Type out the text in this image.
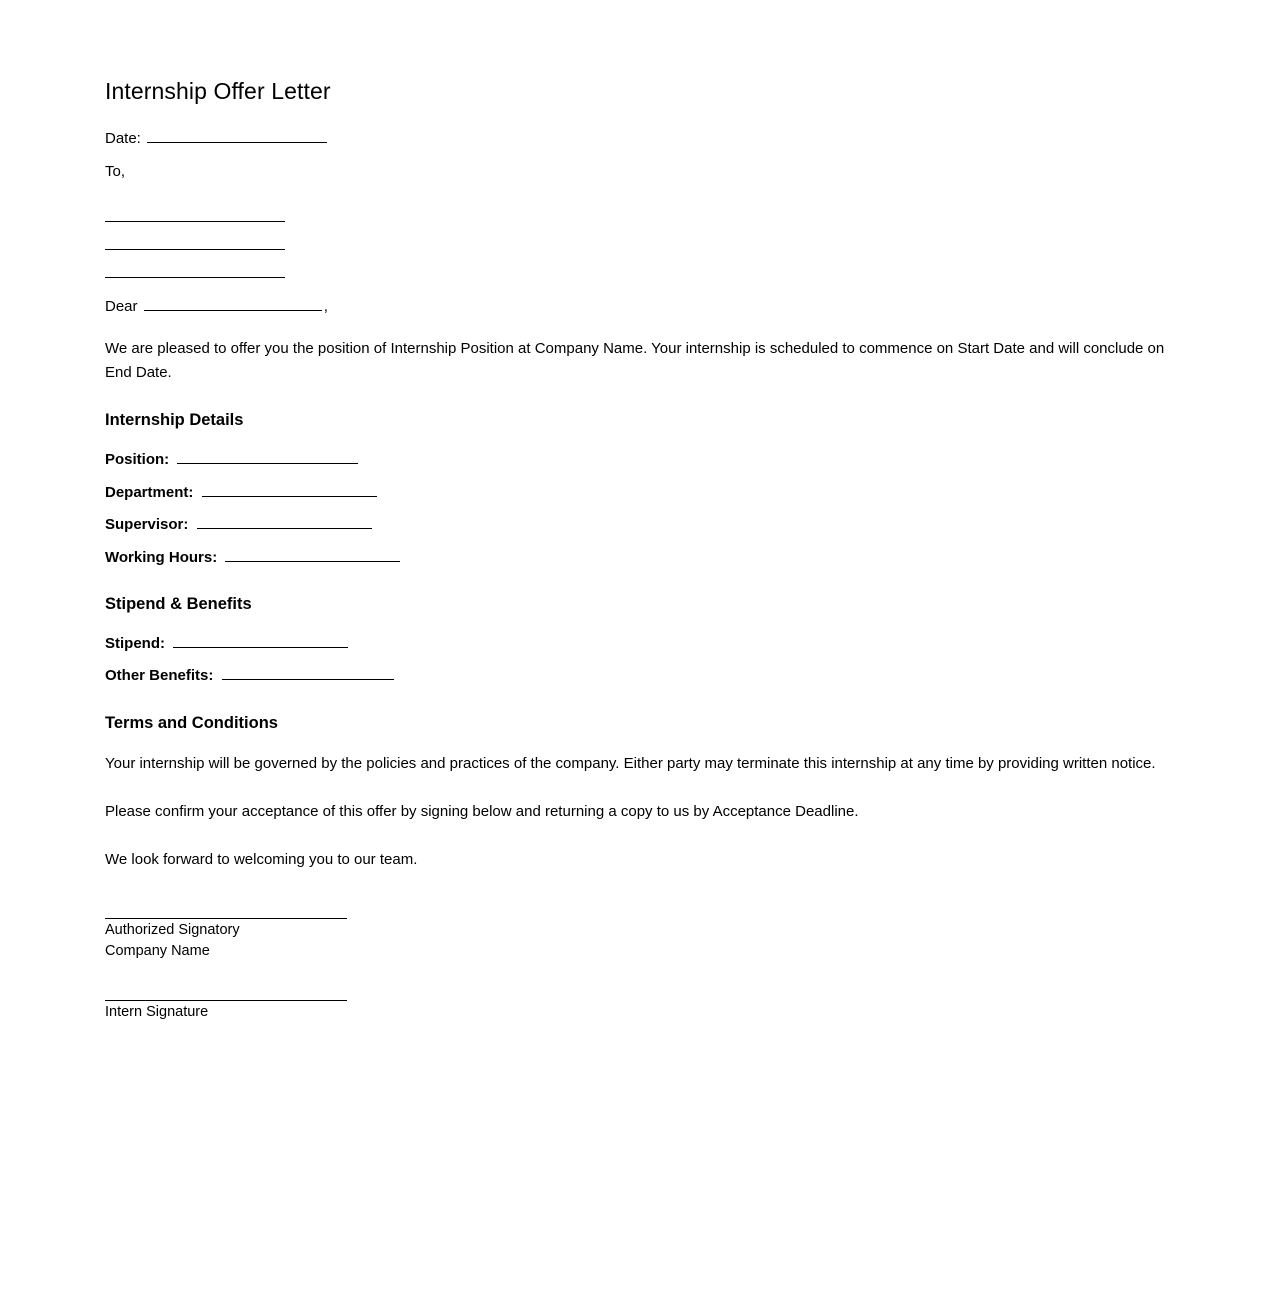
Internship Offer Letter
Date:
To,
Dear	,

We are pleased to offer you the position of Internship Position at Company Name. Your internship is scheduled to commence on Start Date and will conclude on End Date.

Internship Details
Position:
Department:
Supervisor:
Working Hours:
Stipend & Benefits
Stipend:
Other Benefits:
Terms and Conditions

Your internship will be governed by the policies and practices of the company. Either party may terminate this internship at any time by providing written notice.

Please confirm your acceptance of this offer by signing below and returning a copy to us by Acceptance Deadline.

We look forward to welcoming you to our team.

Authorized Signatory
Company Name
Intern Signature
